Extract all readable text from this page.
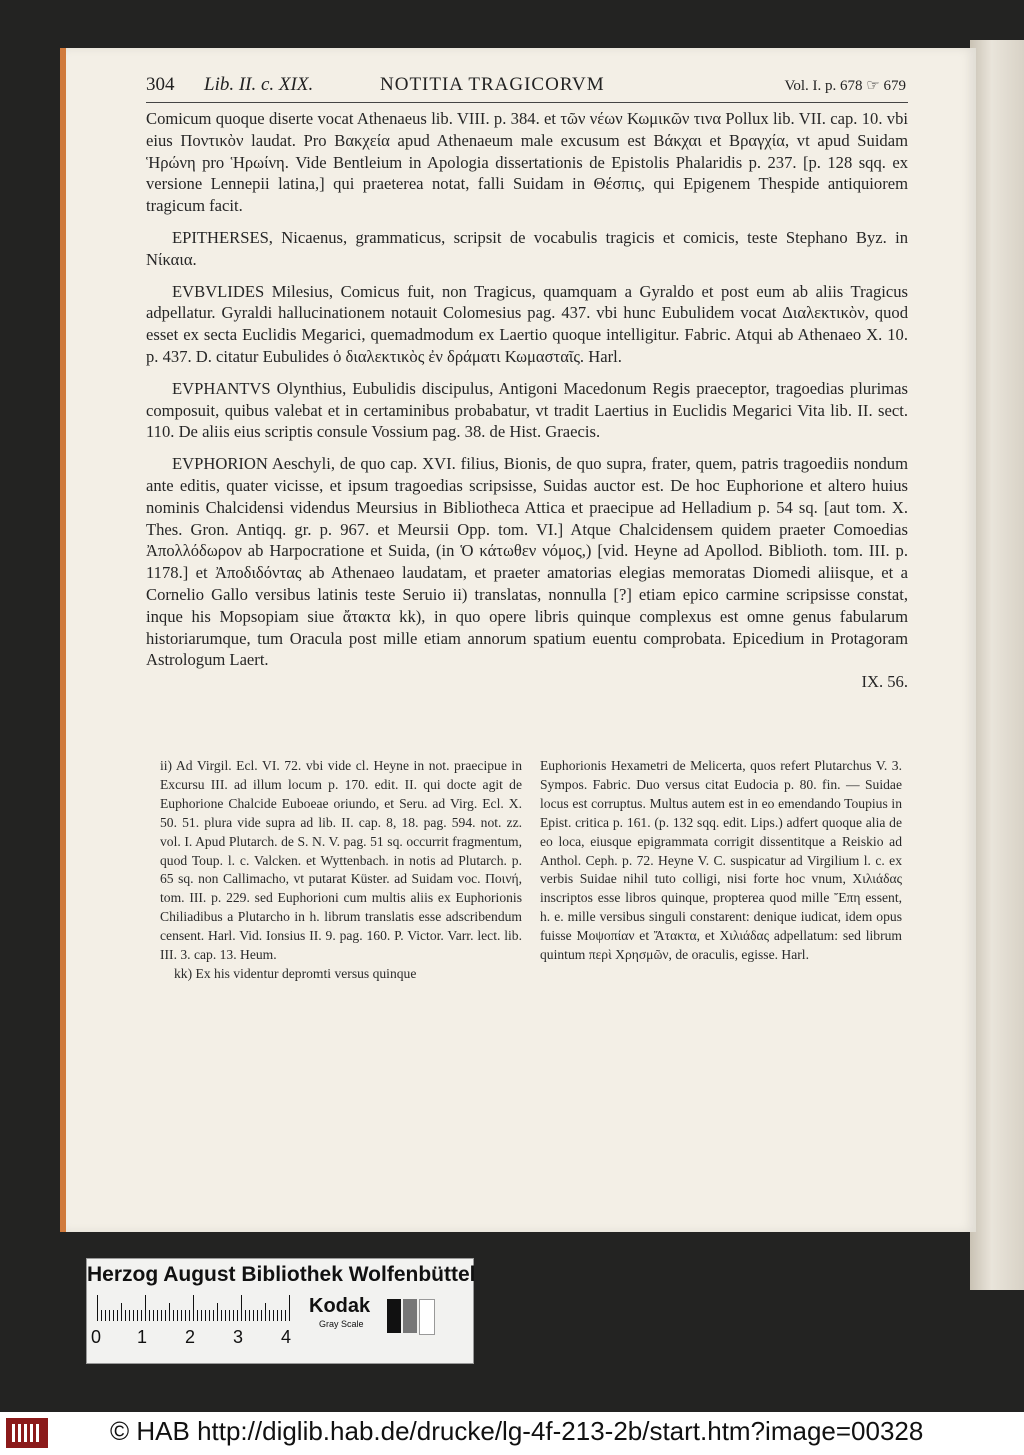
304 Lib. II. c. XIX.	NOTITIA TRAGICORVM	Vol. I. p. 678 ☞ 679

Comicum quoque diserte vocat Athenaeus lib. VIII. p. 384. et τῶν νέων Κωμικῶν τινα Pollux lib. VII. cap. 10. vbi eius Ποντικὸν laudat. Pro Βακχεία apud Athenaeum male excusum est Βάκχαι et Βραγχία, vt apud Suidam Ἡρώνη pro Ἡρωίνη. Vide Bentleium in Apologia dissertationis de Epistolis Phalaridis p. 237. [p. 128 sqq. ex versione Lennepii latina,] qui praeterea notat, falli Suidam in Θέσπις, qui Epigenem Thespide antiquiorem tragicum facit.

EPITHERSES, Nicaenus, grammaticus, scripsit de vocabulis tragicis et comicis, teste Stephano Byz. in Νίκαια.

EVBVLIDES Milesius, Comicus fuit, non Tragicus, quamquam a Gyraldo et post eum ab aliis Tragicus adpellatur. Gyraldi hallucinationem notauit Colomesius pag. 437. vbi hunc Eubulidem vocat Διαλεκτικὸν, quod esset ex secta Euclidis Megarici, quemadmodum ex Laertio quoque intelligitur. Fabric. Atqui ab Athenaeo X. 10. p. 437. D. citatur Eubulides ὁ διαλεκτικὸς ἐν δράματι Κωμασταῖς. Harl.

EVPHANTVS Olynthius, Eubulidis discipulus, Antigoni Macedonum Regis praeceptor, tragoedias plurimas composuit, quibus valebat et in certaminibus probabatur, vt tradit Laertius in Euclidis Megarici Vita lib. II. sect. 110. De aliis eius scriptis consule Vossium pag. 38. de Hist. Graecis.

EVPHORION Aeschyli, de quo cap. XVI. filius, Bionis, de quo supra, frater, quem, patris tragoediis nondum ante editis, quater vicisse, et ipsum tragoedias scripsisse, Suidas auctor est. De hoc Euphorione et altero huius nominis Chalcidensi videndus Meursius in Bibliotheca Attica et praecipue ad Helladium p. 54 sq. [aut tom. X. Thes. Gron. Antiqq. gr. p. 967. et Meursii Opp. tom. VI.] Atque Chalcidensem quidem praeter Comoedias Ἀπολλόδωρον ab Harpocratione et Suida, (in Ὁ κάτωθεν νόμος,) [vid. Heyne ad Apollod. Biblioth. tom. III. p. 1178.] et Ἀποδιδόντας ab Athenaeo laudatam, et praeter amatorias elegias memoratas Diomedi aliisque, et a Cornelio Gallo versibus latinis teste Seruio ii) translatas, nonnulla [?] etiam epico carmine scripsisse constat, inque his Mopsopiam siue ἄτακτα kk), in quo opere libris quinque complexus est omne genus fabularum historiarumque, tum Oracula post mille etiam annorum spatium euentu comprobata. Epicedium in Protagoram Astrologum Laert.

IX. 56.

ii) Ad Virgil. Ecl. VI. 72. vbi vide cl. Heyne in not. praecipue in Excursu III. ad illum locum p. 170. edit. II. qui docte agit de Euphorione Chalcide Euboeae oriundo, et Seru. ad Virg. Ecl. X. 50. 51. plura vide supra ad lib. II. cap. 8, 18. pag. 594. not. zz. vol. I. Apud Plutarch. de S. N. V. pag. 51 sq. occurrit fragmentum, quod Toup. l. c. Valcken. et Wyttenbach. in notis ad Plutarch. p. 65 sq. non Callimacho, vt putarat Küster. ad Suidam voc. Ποινή, tom. III. p. 229. sed Euphorioni cum multis aliis ex Euphorionis Chiliadibus a Plutarcho in h. librum translatis esse adscribendum censent. Harl. Vid. Ionsius II. 9. pag. 160. P. Victor. Varr. lect. lib. III. 3. cap. 13. Heum.

kk) Ex his videntur depromti versus quinque

Euphorionis Hexametri de Melicerta, quos refert Plutarchus V. 3. Sympos. Fabric. Duo versus citat Eudocia p. 80. fin. — Suidae locus est corruptus. Multus autem est in eo emendando Toupius in Epist. critica p. 161. (p. 132 sqq. edit. Lips.) adfert quoque alia de eo loca, eiusque epigrammata corrigit dissentitque a Reiskio ad Anthol. Ceph. p. 72. Heyne V. C. suspicatur ad Virgilium l. c. ex verbis Suidae nihil tuto colligi, nisi forte hoc vnum, Χιλιάδας inscriptos esse libros quinque, propterea quod mille Ἔπη essent, h. e. mille versibus singuli constarent: denique iudicat, idem opus fuisse Μοψοπίαν et Ἄτακτα, et Χιλιάδας adpellatum: sed librum quintum περὶ Χρησμῶν, de oraculis, egisse. Harl.

Herzog August Bibliothek Wolfenbüttel
0 1 2 3 4
Kodak
Gray Scale
© HAB http://diglib.hab.de/drucke/lg-4f-213-2b/start.htm?image=00328
